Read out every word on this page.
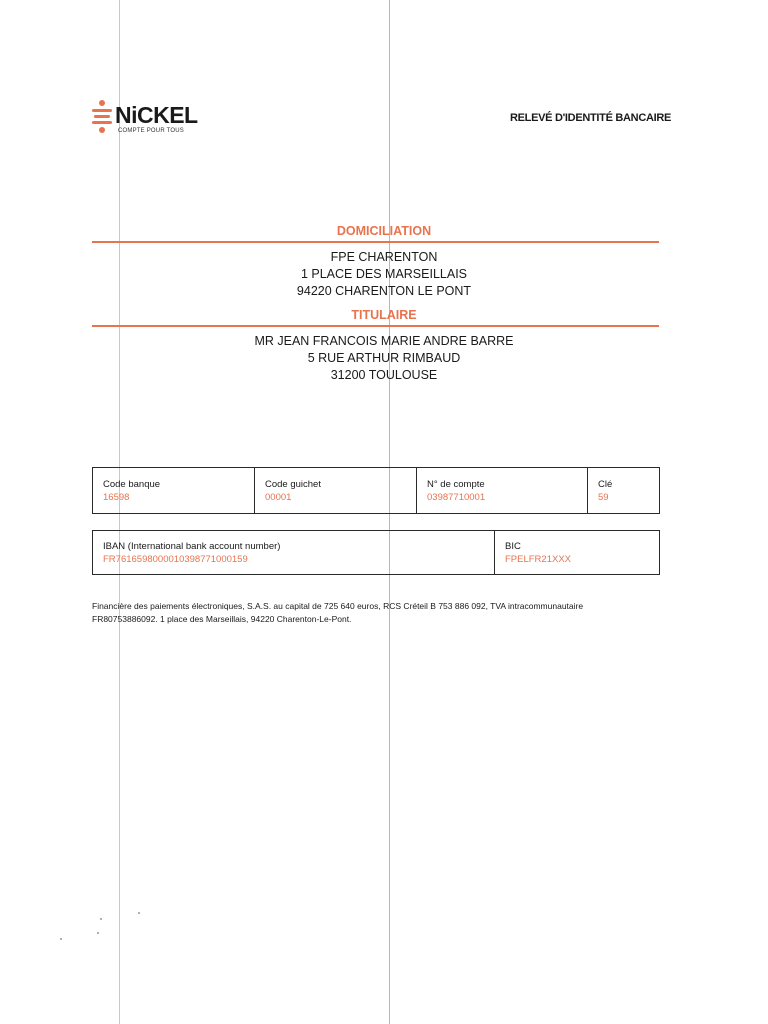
NiCKEL
COMPTE POUR TOUS
RELEVÉ D'IDENTITÉ BANCAIRE
DOMICILIATION
FPE CHARENTON
1 PLACE DES MARSEILLAIS
94220 CHARENTON LE PONT
TITULAIRE
MR JEAN FRANCOIS MARIE ANDRE BARRE
5 RUE ARTHUR RIMBAUD
31200 TOULOUSE
Code banque
16598
Code guichet
00001
N° de compte
03987710001
Clé
59
IBAN (International bank account number)
FR7616598000010398771000159
BIC
FPELFR21XXX

Financière des paiements électroniques, S.A.S. au capital de 725 640 euros, RCS Créteil B 753 886 092, TVA intracommunautaire

FR80753886092. 1 place des Marseillais, 94220 Charenton-Le-Pont.
